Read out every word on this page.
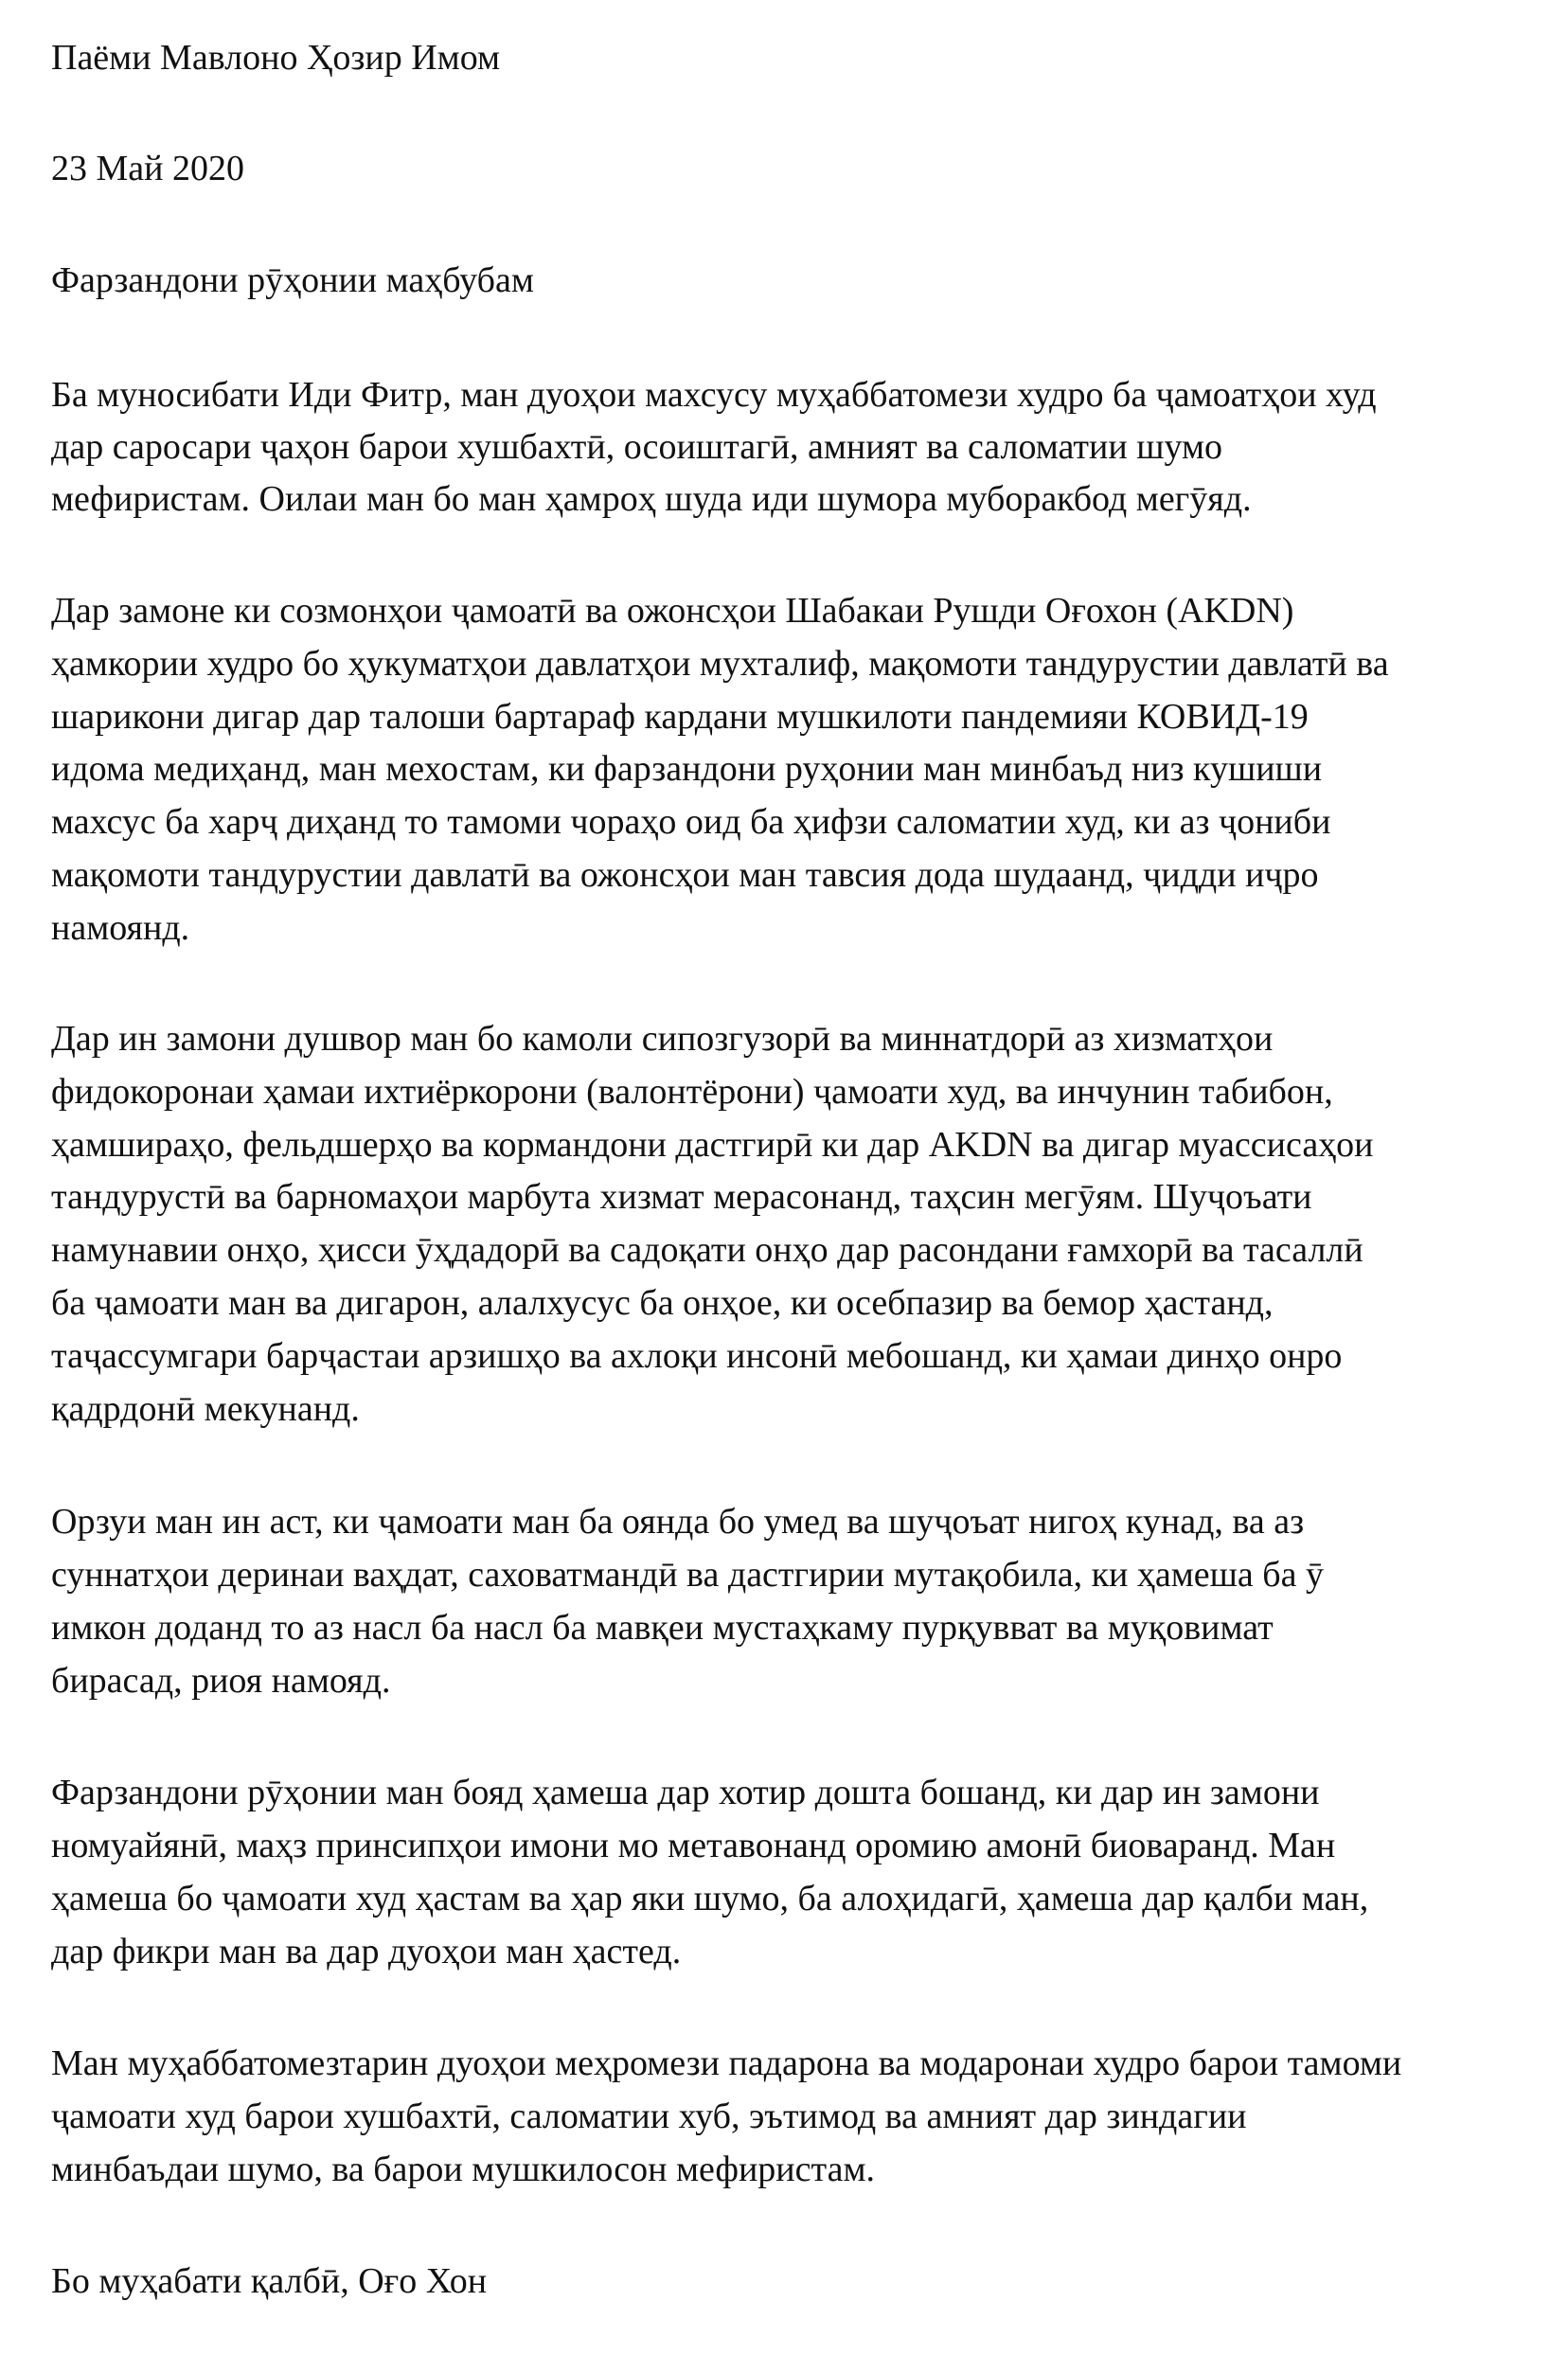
Паёми Мавлоно Ҳозир Имом

23 Май 2020

Фарзандони рӯҳонии маҳбубам

Ба муносибати Иди Фитр, ман дуоҳои махсусу муҳаббатомези худро ба ҷамоатҳои худ

дар саросари ҷаҳон барои хушбахтӣ, осоиштагӣ, амният ва саломатии шумо

мефиристам. Оилаи ман бо ман ҳамроҳ шуда иди шумора муборакбод мегӯяд.

Дар замоне ки созмонҳои ҷамоатӣ ва ожонсҳои Шабакаи Рушди Оғохон (AKDN)

ҳамкории худро бо ҳукуматҳои давлатҳои мухталиф, мақомоти тандурустии давлатӣ ва

шарикони дигар дар талоши бартараф кардани мушкилоти пандемияи КОВИД-19

идома медиҳанд, ман мехостам, ки фарзандони руҳонии ман минбаъд низ кушиши

махсус ба харҷ диҳанд то тамоми чораҳо оид ба ҳифзи саломатии худ, ки аз ҷониби

мақомоти тандурустии давлатӣ ва ожонсҳои ман тавсия дода шудаанд, ҷидди иҷро

намоянд.

Дар ин замони душвор ман бо камоли сипозгузорӣ ва миннатдорӣ аз хизматҳои

фидокоронаи ҳамаи ихтиёркорони (валонтёрони) ҷамоати худ, ва инчунин табибон,

ҳамшираҳо, фельдшерҳо ва кормандони дастгирӣ ки дар AKDN ва дигар муассисаҳои

тандурустӣ ва барномаҳои марбута хизмат мерасонанд, таҳсин мегӯям. Шуҷоъати

намунавии онҳо, ҳисси ӯҳдадорӣ ва садоқати онҳо дар расондани ғамхорӣ ва тасаллӣ

ба ҷамоати ман ва дигарон, алалхусус ба онҳое, ки осебпазир ва бемор ҳастанд,

таҷассумгари барҷастаи арзишҳо ва ахлоқи инсонӣ мебошанд, ки ҳамаи динҳо онро

қадрдонӣ мекунанд.

Орзуи ман ин аст, ки ҷамоати ман ба оянда бо умед ва шуҷоъат нигоҳ кунад, ва аз

суннатҳои деринаи ваҳдат, саховатмандӣ ва дастгирии мутақобила, ки ҳамеша ба ӯ

имкон доданд то аз насл ба насл ба мавқеи мустаҳкаму пурқувват ва муқовимат

бирасад, риоя намояд.

Фарзандони рӯҳонии ман бояд ҳамеша дар хотир дошта бошанд, ки дар ин замони

номуайянӣ, маҳз принсипҳои имони мо метавонанд оромию амонӣ биоваранд. Ман

ҳамеша бо ҷамоати худ ҳастам ва ҳар яки шумо, ба алоҳидагӣ, ҳамеша дар қалби ман,

дар фикри ман ва дар дуоҳои ман ҳастед.

Ман муҳаббатомезтарин дуоҳои меҳромези падарона ва модаронаи худро барои тамоми

ҷамоати худ барои хушбахтӣ, саломатии хуб, эътимод ва амният дар зиндагии

минбаъдаи шумо, ва барои мушкилосон мефиристам.

Бо муҳабати қалбӣ, Оғо Хон
